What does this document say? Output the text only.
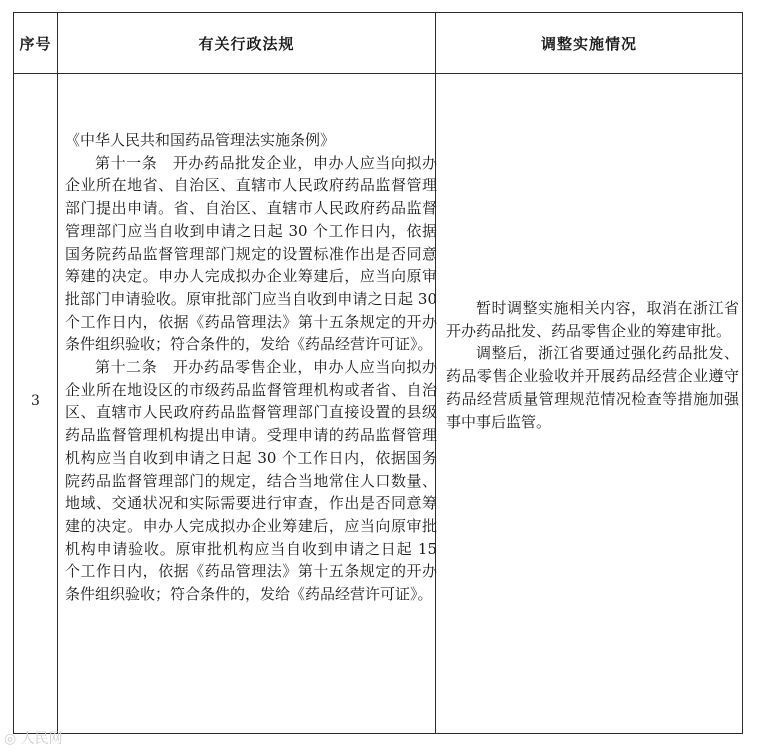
序号	有关行政法规	调整实施情况
3

《中华人民共和国药品管理法实施条例》

第十一条　开办药品批发企业，申办人应当向拟办企业所在地省、自治区、直辖市人民政府药品监督管理部门提出申请。省、自治区、直辖市人民政府药品监督管理部门应当自收到申请之日起 30 个工作日内，依据国务院药品监督管理部门规定的设置标准作出是否同意筹建的决定。申办人完成拟办企业筹建后，应当向原审批部门申请验收。原审批部门应当自收到申请之日起 30 个工作日内，依据《药品管理法》第十五条规定的开办条件组织验收；符合条件的，发给《药品经营许可证》。

第十二条　开办药品零售企业，申办人应当向拟办企业所在地设区的市级药品监督管理机构或者省、自治区、直辖市人民政府药品监督管理部门直接设置的县级药品监督管理机构提出申请。受理申请的药品监督管理机构应当自收到申请之日起 30 个工作日内，依据国务院药品监督管理部门的规定，结合当地常住人口数量、地域、交通状况和实际需要进行审查，作出是否同意筹建的决定。申办人完成拟办企业筹建后，应当向原审批机构申请验收。原审批机构应当自收到申请之日起 15 个工作日内，依据《药品管理法》第十五条规定的开办条件组织验收；符合条件的，发给《药品经营许可证》。

暂时调整实施相关内容，取消在浙江省开办药品批发、药品零售企业的筹建审批。

调整后，浙江省要通过强化药品批发、药品零售企业验收并开展药品经营企业遵守药品经营质量管理规范情况检查等措施加强事中事后监管。

◎ 人民网
